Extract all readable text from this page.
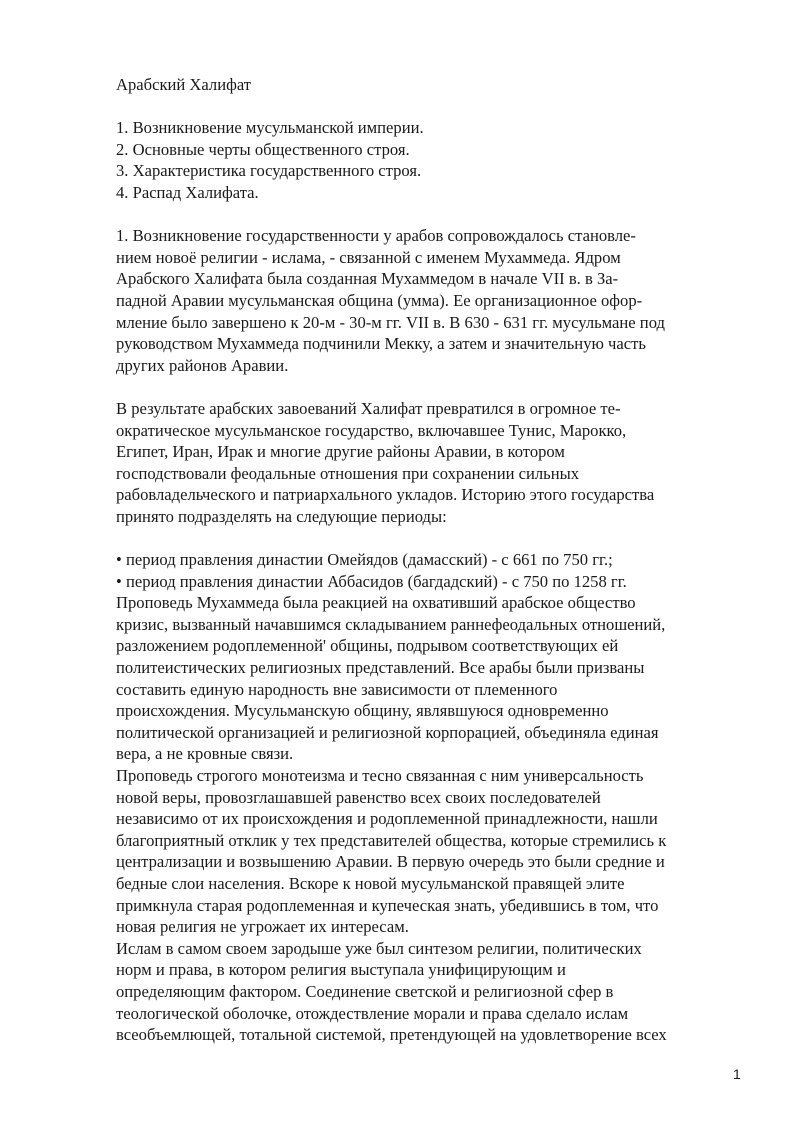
Арабский Халифат
1. Возникновение мусульманской империи.
2. Основные черты общественного строя.
3. Характеристика государственного строя.
4. Распад Халифата.
1. Возникновение государственности у арабов сопровождалось становле-
нием новоё религии - ислама, - связанной с именем Мухаммеда. Ядром
Арабского Халифата была созданная Мухаммедом в начале VII в. в За-
падной Аравии мусульманская община (умма). Ее организационное офор-
мление было завершено к 20-м - 30-м гг. VII в. В 630 - 631 гг. мусульмане под
руководством Мухаммеда подчинили Мекку, а затем и значительную часть
других районов Аравии.
В результате арабских завоеваний Халифат превратился в огромное те-
ократическое мусульманское государство, включавшее Тунис, Марокко,
Египет, Иран, Ирак и многие другие районы Аравии, в котором
господствовали феодальные отношения при сохранении сильных
рабовладельческого и патриархального укладов. Историю этого государства
принято подразделять на следующие периоды:
• период правления династии Омейядов (дамасский) - с 661 по 750 гг.;
• период правления династии Аббасидов (багдадский) - с 750 по 1258 гг.
Проповедь Мухаммеда была реакцией на охвативший арабское общество
кризис, вызванный начавшимся складыванием раннефеодальных отношений,
разложением родоплеменной' общины, подрывом соответствующих ей
политеистических религиозных представлений. Все арабы были призваны
составить единую народность вне зависимости от племенного
происхождения. Мусульманскую общину, являвшуюся одновременно
политической организацией и религиозной корпорацией, объединяла единая
вера, а не кровные связи.
Проповедь строгого монотеизма и тесно связанная с ним универсальность
новой веры, провозглашавшей равенство всех своих последователей
независимо от их происхождения и родоплеменной принадлежности, нашли
благоприятный отклик у тех представителей общества, которые стремились к
централизации и возвышению Аравии. В первую очередь это были средние и
бедные слои населения. Вскоре к новой мусульманской правящей элите
примкнула старая родоплеменная и купеческая знать, убедившись в том, что
новая религия не угрожает их интересам.
Ислам в самом своем зародыше уже был синтезом религии, политических
норм и права, в котором религия выступала унифицирующим и
определяющим фактором. Соединение светской и религиозной сфер в
теологической оболочке, отождествление морали и права сделало ислам
всеобъемлющей, тотальной системой, претендующей на удовлетворение всех
1
